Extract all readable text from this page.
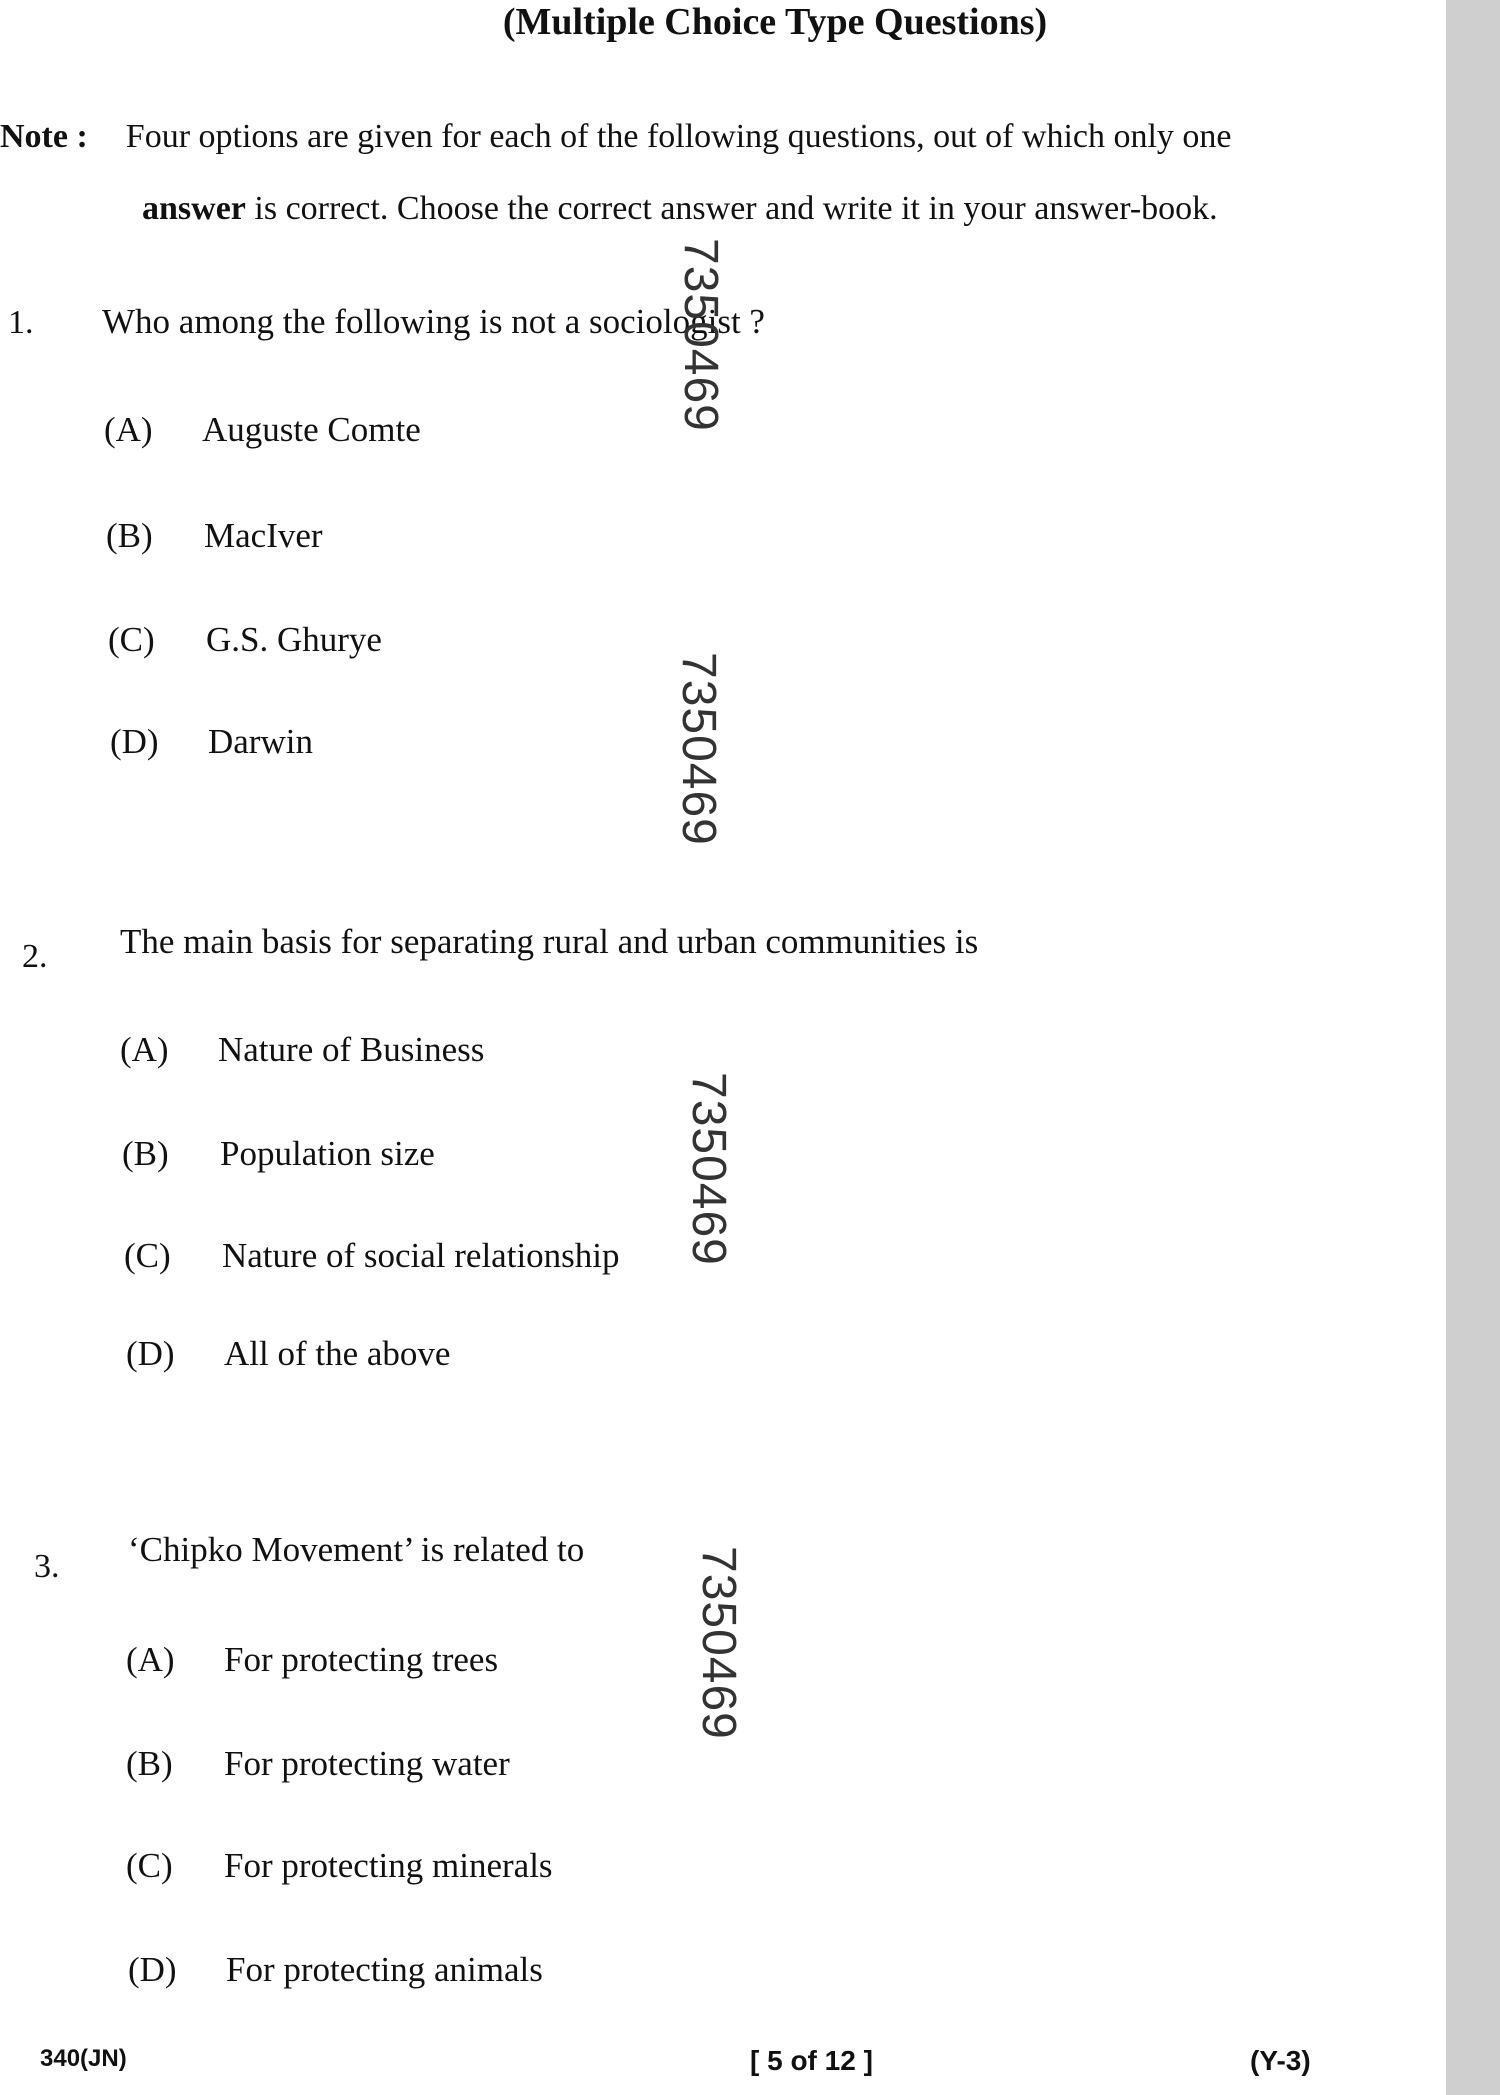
(Multiple Choice Type Questions)
Note : Four options are given for each of the following questions, out of which only one
answer is correct. Choose the correct answer and write it in your answer-book.
1. Who among the following is not a sociologist ?
(A) Auguste Comte
(B) MacIver
(C) G.S. Ghurye
(D) Darwin
2. The main basis for separating rural and urban communities is
(A) Nature of Business
(B) Population size
(C) Nature of social relationship
(D) All of the above
3. ‘Chipko Movement’ is related to
(A) For protecting trees
(B) For protecting water
(C) For protecting minerals
(D) For protecting animals
7350469
7350469
7350469
7350469
340(JN)	[ 5 of 12 ]	(Y-3)
